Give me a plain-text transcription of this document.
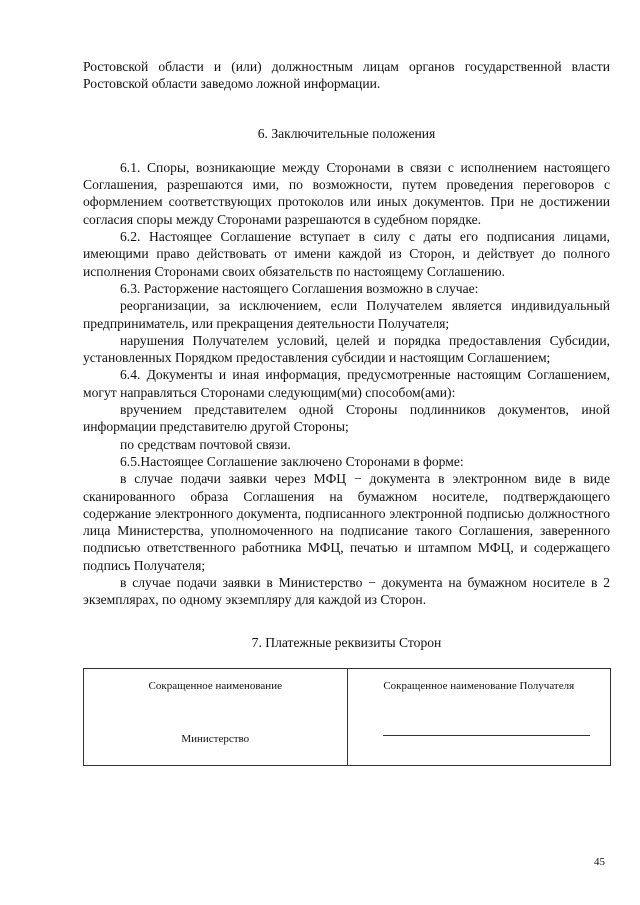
Ростовской области и (или) должностным лицам органов государственной власти Ростовской области заведомо ложной информации.

6. Заключительные положения

6.1. Споры, возникающие между Сторонами в связи с исполнением настоящего Соглашения, разрешаются ими, по возможности, путем проведения переговоров с оформлением соответствующих протоколов или иных документов. При не достижении согласия споры между Сторонами разрешаются в судебном порядке.

6.2. Настоящее Соглашение вступает в силу с даты его подписания лицами, имеющими право действовать от имени каждой из Сторон, и действует до полного исполнения Сторонами своих обязательств по настоящему Соглашению.

6.3. Расторжение настоящего Соглашения возможно в случае:

реорганизации, за исключением, если Получателем является индивидуальный предприниматель, или прекращения деятельности Получателя;

нарушения Получателем условий, целей и порядка предоставления Субсидии, установленных Порядком предоставления субсидии и настоящим Соглашением;

6.4. Документы и иная информация, предусмотренные настоящим Соглашением, могут направляться Сторонами следующим(ми) способом(ами):

вручением представителем одной Стороны подлинников документов, иной информации представителю другой Стороны;

по средствам почтовой связи.

6.5.Настоящее Соглашение заключено Сторонами в форме:

в случае подачи заявки через МФЦ − документа в электронном виде в виде сканированного образа Соглашения на бумажном носителе, подтверждающего содержание электронного документа, подписанного электронной подписью должностного лица Министерства, уполномоченного на подписание такого Соглашения, заверенного подписью ответственного работника МФЦ, печатью и штампом МФЦ, и содержащего подпись Получателя;

в случае подачи заявки в Министерство − документа на бумажном носителе в 2 экземплярах, по одному экземпляру для каждой из Сторон.

7. Платежные реквизиты Сторон

Сокращенное наименование
Министерство

Сокращенное наименование Получателя
45
